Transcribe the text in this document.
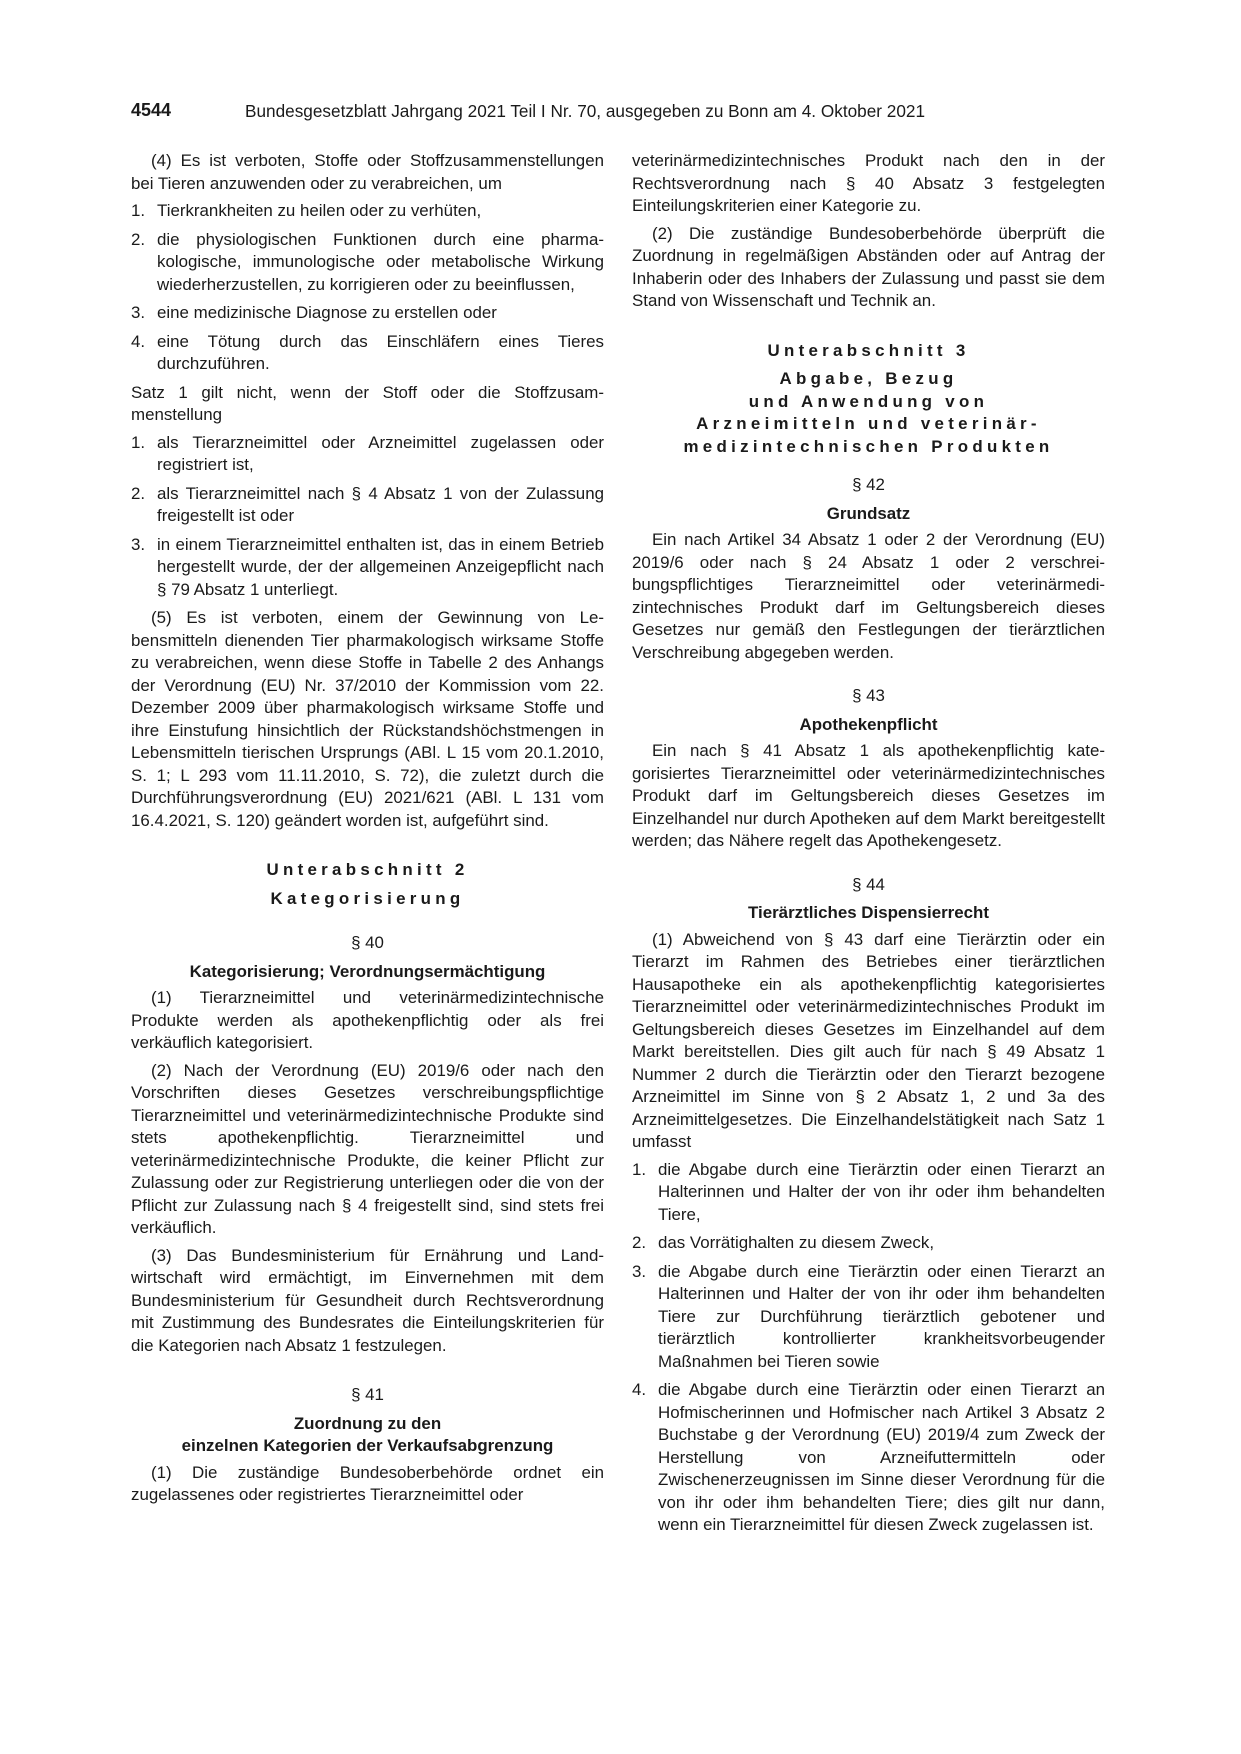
4544	Bundesgesetzblatt Jahrgang 2021 Teil I Nr. 70, ausgegeben zu Bonn am 4. Oktober 2021

(4) Es ist verboten, Stoffe oder Stoffzusammenstellungen bei Tieren anzuwenden oder zu verabreichen, um

1. Tierkrankheiten zu heilen oder zu verhüten,
2. die physiologischen Funktionen durch eine pharmakologische, immunologische oder metabolische Wirkung wiederherzustellen, zu korrigieren oder zu beeinflussen,
3. eine medizinische Diagnose zu erstellen oder
4. eine Tötung durch das Einschläfern eines Tieres durchzuführen.

Satz 1 gilt nicht, wenn der Stoff oder die Stoffzusammenstellung

1. als Tierarzneimittel oder Arzneimittel zugelassen oder registriert ist,
2. als Tierarzneimittel nach § 4 Absatz 1 von der Zulassung freigestellt ist oder
3. in einem Tierarzneimittel enthalten ist, das in einem Betrieb hergestellt wurde, der der allgemeinen Anzeigepflicht nach § 79 Absatz 1 unterliegt.

(5) Es ist verboten, einem der Gewinnung von Lebensmitteln dienenden Tier pharmakologisch wirksame Stoffe zu verabreichen, wenn diese Stoffe in Tabelle 2 des Anhangs der Verordnung (EU) Nr. 37/2010 der Kommission vom 22. Dezember 2009 über pharmakologisch wirksame Stoffe und ihre Einstufung hinsichtlich der Rückstandshöchstmengen in Lebensmitteln tierischen Ursprungs (ABl. L 15 vom 20.1.2010, S. 1; L 293 vom 11.11.2010, S. 72), die zuletzt durch die Durchführungsverordnung (EU) 2021/621 (ABl. L 131 vom 16.4.2021, S. 120) geändert worden ist, aufgeführt sind.

Unterabschnitt 2
Kategorisierung
§ 40
Kategorisierung; Verordnungsermächtigung

(1) Tierarzneimittel und veterinärmedizintechnische Produkte werden als apothekenpflichtig oder als frei verkäuflich kategorisiert.

(2) Nach der Verordnung (EU) 2019/6 oder nach den Vorschriften dieses Gesetzes verschreibungspflichtige Tierarzneimittel und veterinärmedizintechnische Produkte sind stets apothekenpflichtig. Tierarzneimittel und veterinärmedizintechnische Produkte, die keiner Pflicht zur Zulassung oder zur Registrierung unterliegen oder die von der Pflicht zur Zulassung nach § 4 freigestellt sind, sind stets frei verkäuflich.

(3) Das Bundesministerium für Ernährung und Landwirtschaft wird ermächtigt, im Einvernehmen mit dem Bundesministerium für Gesundheit durch Rechtsverordnung mit Zustimmung des Bundesrates die Einteilungskriterien für die Kategorien nach Absatz 1 festzulegen.

§ 41
Zuordnung zu den
einzelnen Kategorien der Verkaufsabgrenzung

(1) Die zuständige Bundesoberbehörde ordnet ein zugelassenes oder registriertes Tierarzneimittel oder

veterinärmedizintechnisches Produkt nach den in der Rechtsverordnung nach § 40 Absatz 3 festgelegten Einteilungskriterien einer Kategorie zu.

(2) Die zuständige Bundesoberbehörde überprüft die Zuordnung in regelmäßigen Abständen oder auf Antrag der Inhaberin oder des Inhabers der Zulassung und passt sie dem Stand von Wissenschaft und Technik an.

Unterabschnitt 3
Abgabe, Bezug
und Anwendung von
Arzneimitteln und veterinär-
medizintechnischen Produkten
§ 42
Grundsatz

Ein nach Artikel 34 Absatz 1 oder 2 der Verordnung (EU) 2019/6 oder nach § 24 Absatz 1 oder 2 verschreibungspflichtiges Tierarzneimittel oder veterinärmedizintechnisches Produkt darf im Geltungsbereich dieses Gesetzes nur gemäß den Festlegungen der tierärztlichen Verschreibung abgegeben werden.

§ 43
Apothekenpflicht

Ein nach § 41 Absatz 1 als apothekenpflichtig kategorisiertes Tierarzneimittel oder veterinärmedizintechnisches Produkt darf im Geltungsbereich dieses Gesetzes im Einzelhandel nur durch Apotheken auf dem Markt bereitgestellt werden; das Nähere regelt das Apothekengesetz.

§ 44
Tierärztliches Dispensierrecht

(1) Abweichend von § 43 darf eine Tierärztin oder ein Tierarzt im Rahmen des Betriebes einer tierärztlichen Hausapotheke ein als apothekenpflichtig kategorisiertes Tierarzneimittel oder veterinärmedizintechnisches Produkt im Geltungsbereich dieses Gesetzes im Einzelhandel auf dem Markt bereitstellen. Dies gilt auch für nach § 49 Absatz 1 Nummer 2 durch die Tierärztin oder den Tierarzt bezogene Arzneimittel im Sinne von § 2 Absatz 1, 2 und 3a des Arzneimittelgesetzes. Die Einzelhandelstätigkeit nach Satz 1 umfasst

1. die Abgabe durch eine Tierärztin oder einen Tierarzt an Halterinnen und Halter der von ihr oder ihm behandelten Tiere,
2. das Vorrätighalten zu diesem Zweck,
3. die Abgabe durch eine Tierärztin oder einen Tierarzt an Halterinnen und Halter der von ihr oder ihm behandelten Tiere zur Durchführung tierärztlich gebotener und tierärztlich kontrollierter krankheitsvorbeugender Maßnahmen bei Tieren sowie
4. die Abgabe durch eine Tierärztin oder einen Tierarzt an Hofmischerinnen und Hofmischer nach Artikel 3 Absatz 2 Buchstabe g der Verordnung (EU) 2019/4 zum Zweck der Herstellung von Arzneifuttermitteln oder Zwischenerzeugnissen im Sinne dieser Verordnung für die von ihr oder ihm behandelten Tiere; dies gilt nur dann, wenn ein Tierarzneimittel für diesen Zweck zugelassen ist.
